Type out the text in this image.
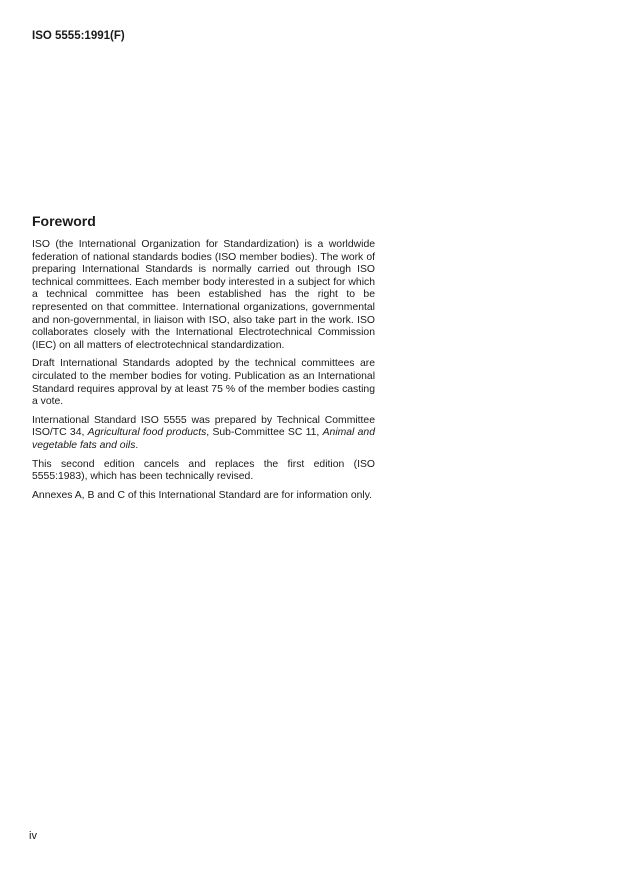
ISO 5555:1991(F)
Foreword

ISO (the International Organization for Standardization) is a worldwide federation of national standards bodies (ISO member bodies). The work of preparing International Standards is normally carried out through ISO technical committees. Each member body interested in a subject for which a technical committee has been established has the right to be represented on that committee. International organizations, governmental and non-governmental, in liaison with ISO, also take part in the work. ISO collaborates closely with the International Electrotechnical Commission (IEC) on all matters of electrotechnical standardization.

Draft International Standards adopted by the technical committees are circulated to the member bodies for voting. Publication as an International Standard requires approval by at least 75 % of the member bodies casting a vote.

International Standard ISO 5555 was prepared by Technical Committee ISO/TC 34, Agricultural food products, Sub-Committee SC 11, Animal and vegetable fats and oils.

This second edition cancels and replaces the first edition (ISO 5555:1983), which has been technically revised.

Annexes A, B and C of this International Standard are for information only.

iv
